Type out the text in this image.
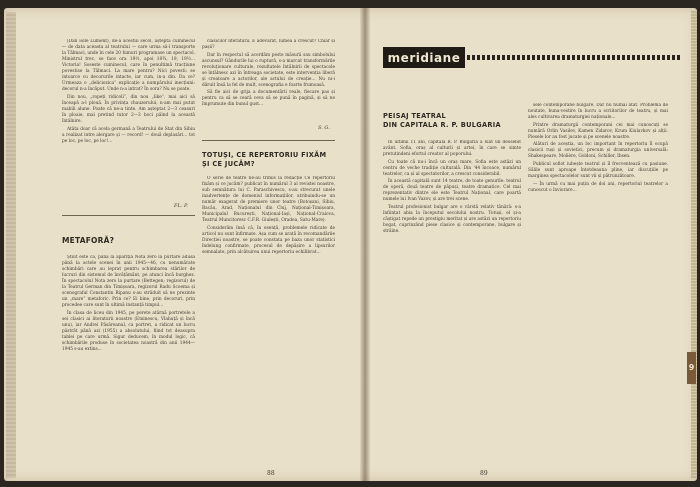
9

(Dan iolle Lument), de-a acestui secol, așteptă cuminecul — de data aceasta al teatrului — care urma să-l transporte la Tălmaci, unde în cele 20 fumuri programase un spectacol. Ministrul trec, se face ora 19½, apoi 18¾, 19, 19½... Victoria! Soseste cuminecul, care în penultimă tracțiune povestise la Tălmaci. La mare pentru? Nici povesti: se intoarce cu decorurile intacte, iar cum, in-a din. Da ce? Urmeaza o „deliciozica” explicație a numpărului inecțiuni: decorul n-a încăput. Unde n-a intrat? În sora? Nu se poate.

Din nou, „ropeți ridicoli”, din nou „like”, mai aici să înceapă a-l plouă. În privința chauzerului, n-am mai putut mabili alune. Poate că ne-a tinte. Am așteptat 2—3 ceasuri în ploaie, mai pretind tutor 2—3 boci păind la această întâlnire.

Atâta doar că acela germană a Teatrului de Stat din Sibiu a realizat intre alergare și — record! — două deplasări... tot pe loc, pe loc, pe loc!...

FL. P.
METAFORĂ?

Știut este că, până la apariția Nota zero la purtare adusă până la actele scenei în anii 1945—46, cu nenumărate schimbări care au leprat pentru schimbarea stărilor de lucruri din sistemul de învățământ, pe atunci încă burghez. În spectacolul Nota zero la purtare (Bettegen; regizorul) de la Teatrul German din Timișoara, regizorul Radu Scoema și scenograful Constantin Ripanu s-au străduit să ne prezinte un „mare” metaforic. Prin ce? Ei bine, prin decoruri, prin procedee care sunt în ultimă instanță timpul...

În clasa de liceu din 1945, pe perete atârnă portretele a sei clasici ai literaturii noastre (Eminescu, Vlahuță și încă unu), iar Andrei Păsăreanul, ca portret, a ridicat un lucru păstrăt până azi (1955) a absolutului, fiind tot deasupra tablei pe care urmă. Sigur deducem, în modul logic, că schimbările produse în societatea noastră din anii 1944—1945 s-au extins...

clasicilor literaturii. E adevărat, lumea a crescut? Chiar și pașii?

Dar în respectul să acordăm peste măsură sau simbolului ascunsul? Gândurile lui o ruptură, s-a marcat transformările revoluționare culturale, rezultatele întâlnirii de spectacole se întâlnesc azi în întreaga societate, este intervenția liberă și creatoare a actorilor, ale actului de creație... Nu ni-i dăruit însă la fel de mult, scenografia e foarte frumoasă.

Să fie aici de grija a documentării reale, fiecare pas și pentru ca să se ceară ceva să se pună în pagină, și să ne împrumute din bunul gust...

S. G.
TOTUȘI, CE REPERTORIU FIXĂM ȘI CE JUCĂM?

O serie de teatre ne-au trimis la redacție Ce repertoriu fixăm și ce jucăm? publicat în numărul 3 al revistei noastre, sub semnătura lui C. Paraschivescu, s-au strecurat unele inadvertențe de domeniul informațiilor, atribuindu-se un număr exagerat de premiere unor teatre (Botoșani, Sibiu, Bacău, Arad, Naționalul din Cluj, Național-Timișoara, Municipalul București, Național-Iași, Național-Craiova, Teatrul Muncitoresc C.F.R. Giulești, Oradea, Satu-Mare).

Considerăm însă că, în esență, problemele ridicate de articol nu sunt înfirmate. Așa cum se arată în recomandările Direcției noastre, se poate constata pe baza unor statistici îndelung confirmate, procesul de depășire a lipsurilor semnalate, prin alcătuirea unui repertoriu echilibrat...

88
meridiane
PEISAJ TEATRAL
DIN CAPITALA R. P. BULGARIA

În ultimii 11 ani, capitala R. P. Bulgaria a luat un deosebit avânt. Sofia, oraș al culturii și artei, în care se simte pretutindeni efortul creator al poporului.

Cu toate că nu-i încă un oraș mare, Sofia este astăzi un centru de veche tradiție culturală. Din '44 încoace, numărul teatrelor, ca și al spectatorilor, a crescut considerabil.

În această capitală sunt 14 teatre, de toate genurile: teatrul de operă, două teatre de păpuși, teatre dramatice. Cel mai reprezentativ dintre ele este Teatrul Național, care poartă numele lui Ivan Vazov, și are trei scene.

Teatrul profesionist bulgar are o vârstă relativ tânără: s-a înființat abia la începutul secolului nostru. Totuși, el și-a câștigat repede un prestigiu meritat și are astăzi un repertoriu bogat, cuprinzând piese clasice și contemporane, bulgare și străine.

sele contemporane bulgare. Dar nu numai atât. Problema de noutate, buna-vestire în lucru a scriitorilor de teatru, și mai ales cultivarea dramaturgiei naționale...

Printre dramaturgii contemporani cei mai cunoscuți se numără Orlin Vasilev, Kamen Zidarov, Krum Kiulavkov și alții. Piesele lor au fost jucate și pe scenele noastre.

Alături de aceștia, un loc important în repertoriu îl ocupă clasicii ruși și sovietici, precum și dramaturgia universală: Shakespeare, Molière, Goldoni, Schiller, Ibsen.

Publicul sofiot iubește teatrul și îl frecventează cu pasiune. Sălile sunt aproape întotdeauna pline, iar discuțiile pe marginea spectacolelor sunt vii și pătrunzătoare.

— În urmă cu mai puțin de doi ani, repertoriul teatrelor a cunoscut o înviorare...

89
